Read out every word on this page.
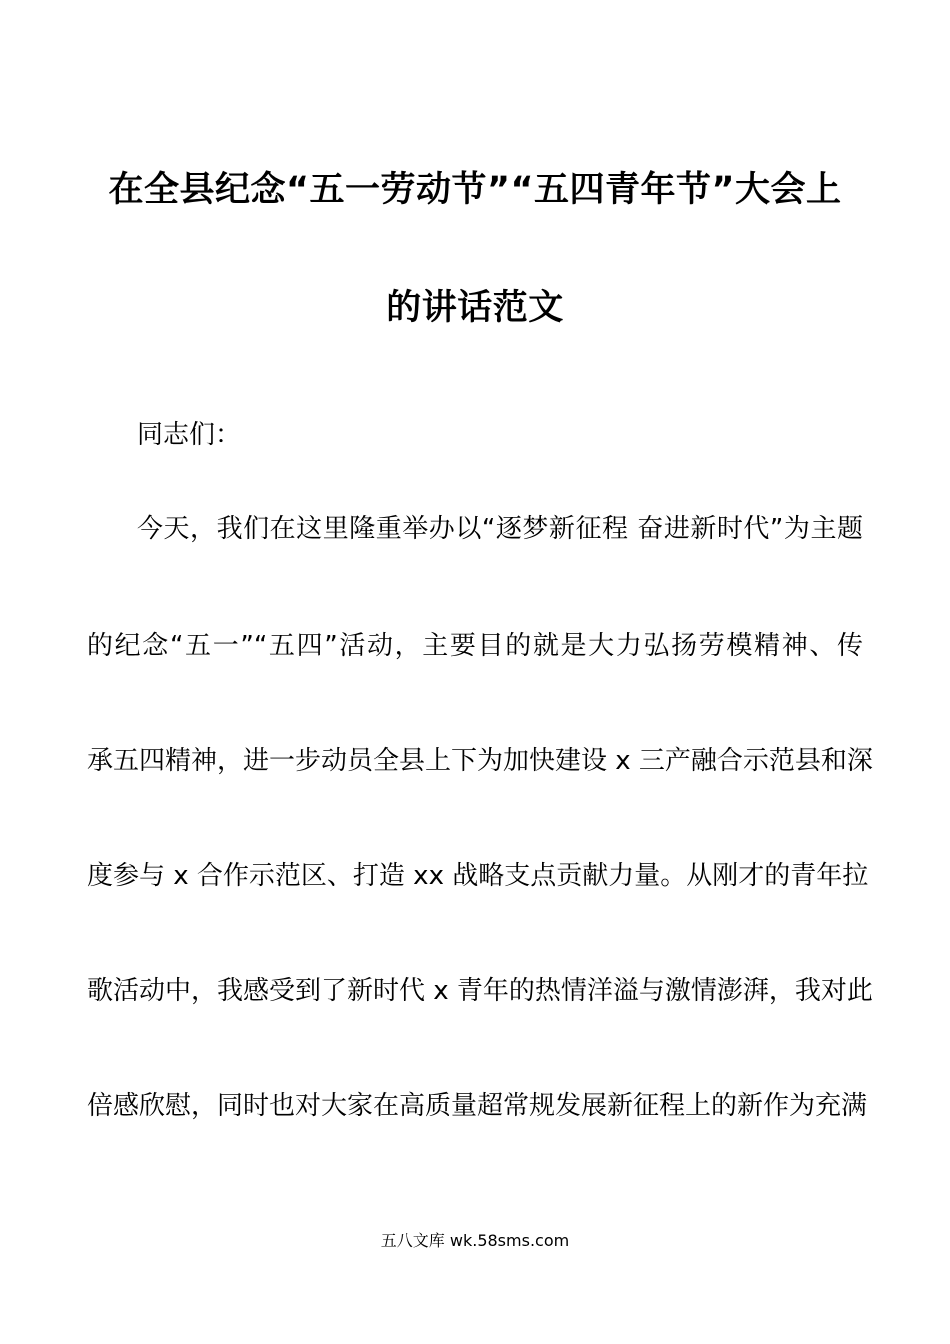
在全县纪念“五一劳动节”“五四青年节”大会上
的讲话范文
同志们：
今天，我们在这里隆重举办以“逐梦新征程 奋进新时代”为主题
的纪念“五一”“五四”活动，主要目的就是大力弘扬劳模精神、传
承五四精神，进一步动员全县上下为加快建设 x 三产融合示范县和深
度参与 x 合作示范区、打造 xx 战略支点贡献力量。从刚才的青年拉
歌活动中，我感受到了新时代 x 青年的热情洋溢与激情澎湃，我对此
倍感欣慰，同时也对大家在高质量超常规发展新征程上的新作为充满
五八文库 wk.58sms.com
